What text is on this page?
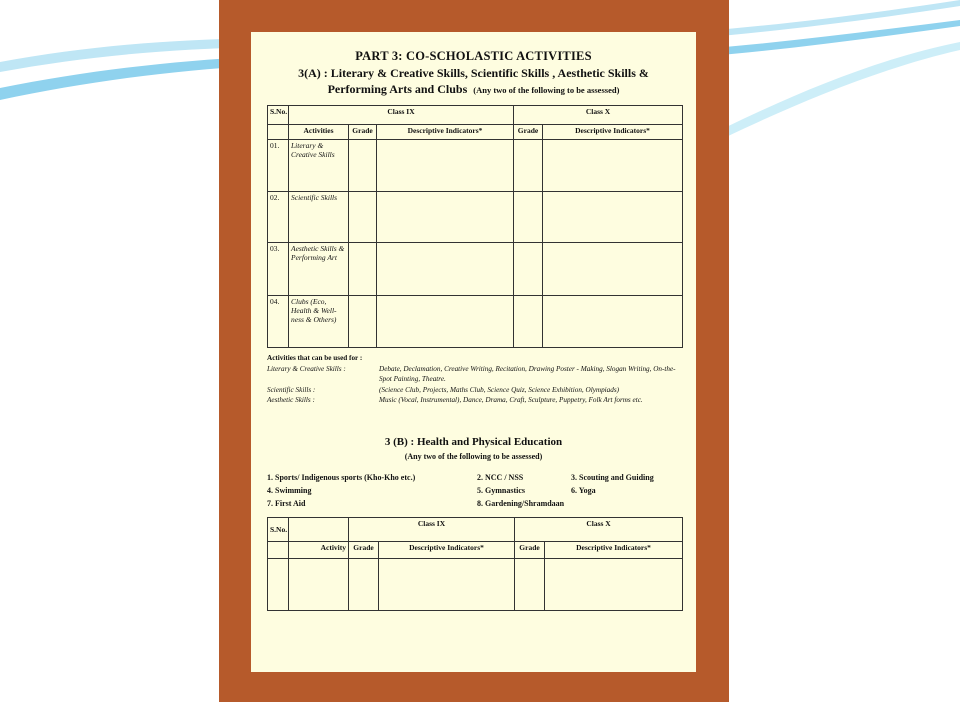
PART 3: CO-SCHOLASTIC ACTIVITIES
3(A) : Literary & Creative Skills, Scientific Skills , Aesthetic Skills &
Performing Arts and Clubs (Any two of the following to be assessed)
S.No.	Class IX			Class X	
	Activities	Grade	Descriptive Indicators*	Grade	Descriptive Indicators*
01.	Literary & Creative Skills				
02.	Scientific Skills				
03.	Aesthetic Skills & Performing Art				
04.	Clubs (Eco, Health & Well-ness & Others)				
Activities that can be used for :
Literary & Creative Skills :	Debate, Declamation, Creative Writing, Recitation, Drawing Poster - Making, Slogan Writing, On-the-Spot Painting, Theatre.
Scientific Skills :	(Science Club, Projects, Maths Club, Science Quiz, Science Exhibition, Olympiads)
Aesthetic Skills :	Music (Vocal, Instrumental), Dance, Drama, Craft, Sculpture, Puppetry, Folk Art forms etc.
3 (B) : Health and Physical Education
(Any two of the following to be assessed)
1. Sports/ Indigenous sports (Kho-Kho etc.)	2. NCC / NSS	3. Scouting and Guiding
4. Swimming	5. Gymnastics	6. Yoga
7. First Aid	8. Gardening/Shramdaan
S.No.		Class IX		Class X	
	Activity	Grade	Descriptive Indicators*	Grade	Descriptive Indicators*
